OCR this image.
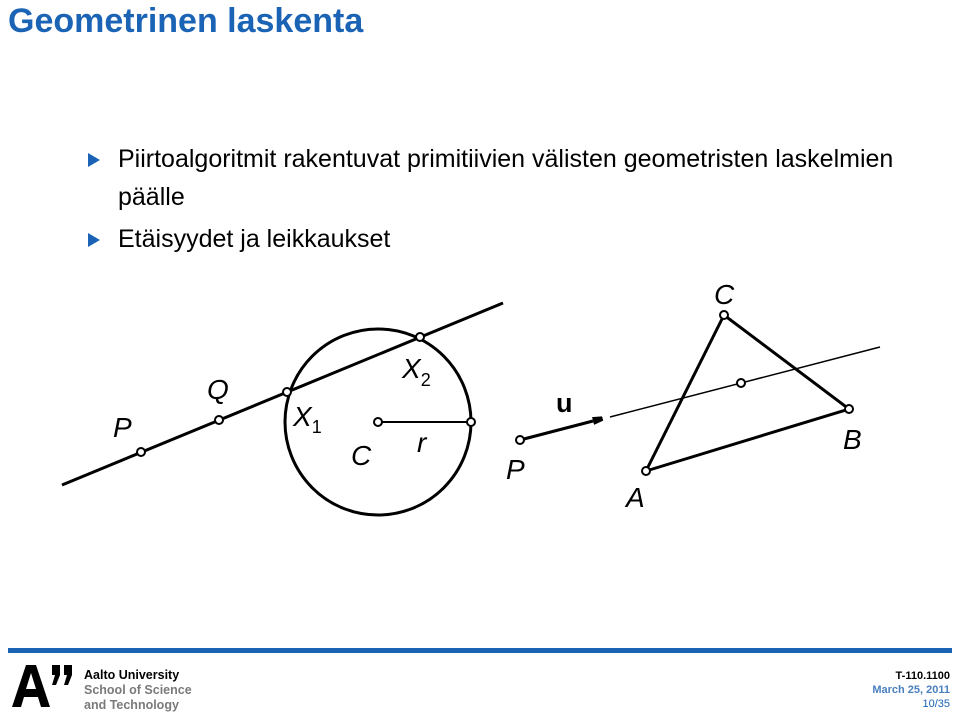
Geometrinen laskenta
Piirtoalgoritmit rakentuvat primitiivien välisten geometristen laskelmien päälle
Etäisyydet ja leikkaukset
P
Q
$X_1$
$X_2$
C r
P
u
A
B
C
Aalto University
School of Science
and Technology
T-110.1100
March 25, 2011
10/35
